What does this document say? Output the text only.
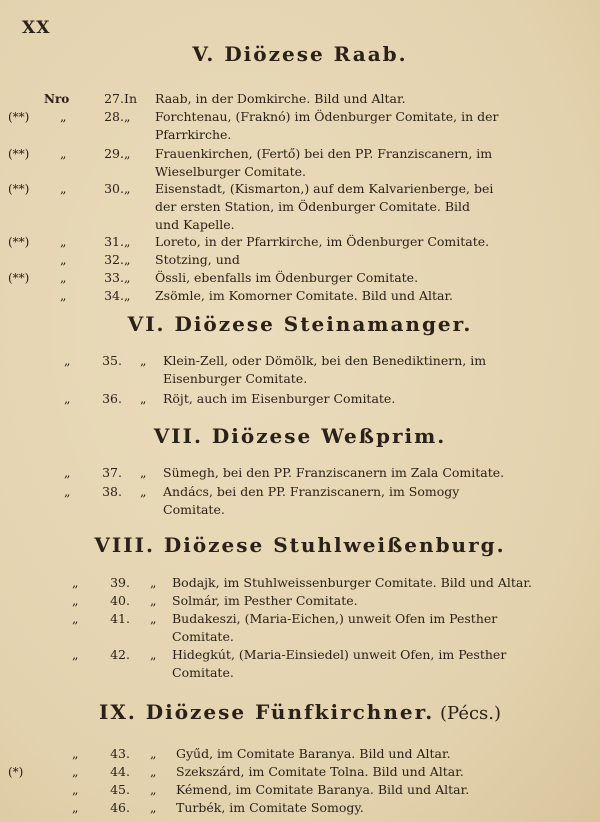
XX
V. Diözese Raab.
VI. Diözese Steinamanger.
VII. Diözese Weßprim.
VIII. Diözese Stuhlweißenburg.
IX. Diözese Fünfkirchner. (Pécs.)
Nro	27. In Raab, in der Domkirche. Bild und Altar.
(**) „	28. „ Forchtenau, (Fraknó) im Ödenburger Comitate, in der
Pfarrkirche.
(**) „	29. „ Frauenkirchen, (Fertő) bei den PP. Franziscanern, im
Wieselburger Comitate.
(**) „	30. „ Eisenstadt, (Kismarton,) auf dem Kalvarienberge, bei
der ersten Station, im Ödenburger Comitate. Bild
und Kapelle.
(**) „	31. „ Loreto, in der Pfarrkirche, im Ödenburger Comitate.
„	32. „ Stotzing, und
(**) „	33. „ Össli, ebenfalls im Ödenburger Comitate.
„	34. „ Zsömle, im Komorner Comitate. Bild und Altar.
„	35. „ Klein-Zell, oder Dömölk, bei den Benediktinern, im
Eisenburger Comitate.
„	36. „ Röjt, auch im Eisenburger Comitate.
„	37. „ Sümegh, bei den PP. Franziscanern im Zala Comitate.
„	38. „ Andács, bei den PP. Franziscanern, im Somogy
Comitate.
„	39. „ Bodajk, im Stuhlweissenburger Comitate. Bild und Altar.
„	40. „ Solmár, im Pesther Comitate.
„	41. „ Budakeszi, (Maria-Eichen,) unweit Ofen im Pesther
Comitate.
„	42. „ Hidegkút, (Maria-Einsiedel) unweit Ofen, im Pesther
Comitate.
„	43. „ Gyűd, im Comitate Baranya. Bild und Altar.
(*)	„	44. „ Szekszárd, im Comitate Tolna. Bild und Altar.
„	45. „ Kémend, im Comitate Baranya. Bild und Altar.
„	46. „ Turbék, im Comitate Somogy.
